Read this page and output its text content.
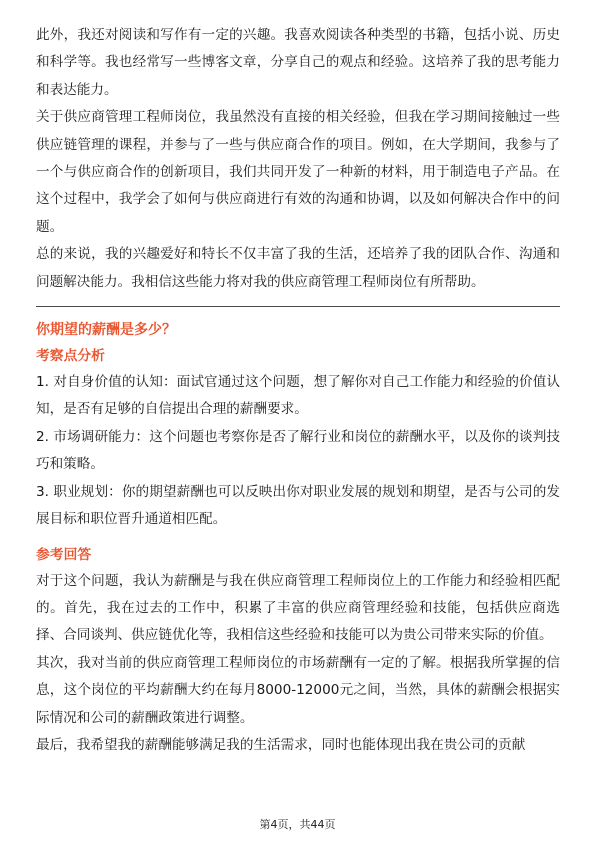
此外，我还对阅读和写作有一定的兴趣。我喜欢阅读各种类型的书籍，包括小说、历史和科学等。我也经常写一些博客文章，分享自己的观点和经验。这培养了我的思考能力和表达能力。

关于供应商管理工程师岗位，我虽然没有直接的相关经验，但我在学习期间接触过一些供应链管理的课程，并参与了一些与供应商合作的项目。例如，在大学期间，我参与了一个与供应商合作的创新项目，我们共同开发了一种新的材料，用于制造电子产品。在这个过程中，我学会了如何与供应商进行有效的沟通和协调，以及如何解决合作中的问题。

总的来说，我的兴趣爱好和特长不仅丰富了我的生活，还培养了我的团队合作、沟通和问题解决能力。我相信这些能力将对我的供应商管理工程师岗位有所帮助。

你期望的薪酬是多少？

考察点分析

1. 对自身价值的认知：面试官通过这个问题，想了解你对自己工作能力和经验的价值认知，是否有足够的自信提出合理的薪酬要求。

2. 市场调研能力：这个问题也考察你是否了解行业和岗位的薪酬水平，以及你的谈判技巧和策略。

3. 职业规划：你的期望薪酬也可以反映出你对职业发展的规划和期望，是否与公司的发展目标和职位晋升通道相匹配。

参考回答

对于这个问题，我认为薪酬是与我在供应商管理工程师岗位上的工作能力和经验相匹配的。首先，我在过去的工作中，积累了丰富的供应商管理经验和技能，包括供应商选择、合同谈判、供应链优化等，我相信这些经验和技能可以为贵公司带来实际的价值。

其次，我对当前的供应商管理工程师岗位的市场薪酬有一定的了解。根据我所掌握的信息，这个岗位的平均薪酬大约在每月8000-12000元之间，当然，具体的薪酬会根据实际情况和公司的薪酬政策进行调整。

最后，我希望我的薪酬能够满足我的生活需求，同时也能体现出我在贵公司的贡献

第4页，共44页
